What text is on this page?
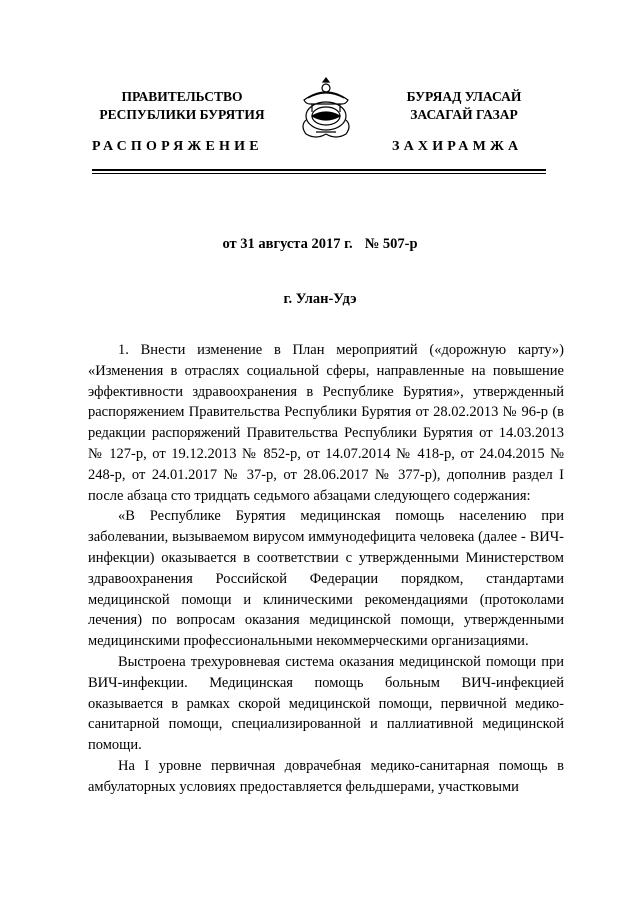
ПРАВИТЕЛЬСТВО
РЕСПУБЛИКИ БУРЯТИЯ
БУРЯАД УЛАСАЙ
ЗАСАГАЙ ГАЗАР
РАСПОРЯЖЕНИЕ	ЗАХИРАМЖА
от 31 августа 2017 г. № 507-р
г. Улан-Удэ

1. Внести изменение в План мероприятий («дорожную карту») «Изменения в отраслях социальной сферы, направленные на повышение эффективности здравоохранения в Республике Бурятия», утвержденный распоряжением Правительства Республики Бурятия от 28.02.2013 № 96-р (в редакции распоряжений Правительства Республики Бурятия от 14.03.2013 № 127-р, от 19.12.2013 № 852-р, от 14.07.2014 № 418-р, от 24.04.2015 № 248-р, от 24.01.2017 № 37-р, от 28.06.2017 № 377-р), дополнив раздел I после абзаца сто тридцать седьмого абзацами следующего содержания:

«В Республике Бурятия медицинская помощь населению при заболевании, вызываемом вирусом иммунодефицита человека (далее - ВИЧ-инфекции) оказывается в соответствии с утвержденными Министерством здравоохранения Российской Федерации порядком, стандартами медицинской помощи и клиническими рекомендациями (протоколами лечения) по вопросам оказания медицинской помощи, утвержденными медицинскими профессиональными некоммерческими организациями.

Выстроена трехуровневая система оказания медицинской помощи при ВИЧ-инфекции. Медицинская помощь больным ВИЧ-инфекцией оказывается в рамках скорой медицинской помощи, первичной медико-санитарной помощи, специализированной и паллиативной медицинской помощи.

На I уровне первичная доврачебная медико-санитарная помощь в амбулаторных условиях предоставляется фельдшерами, участковыми
